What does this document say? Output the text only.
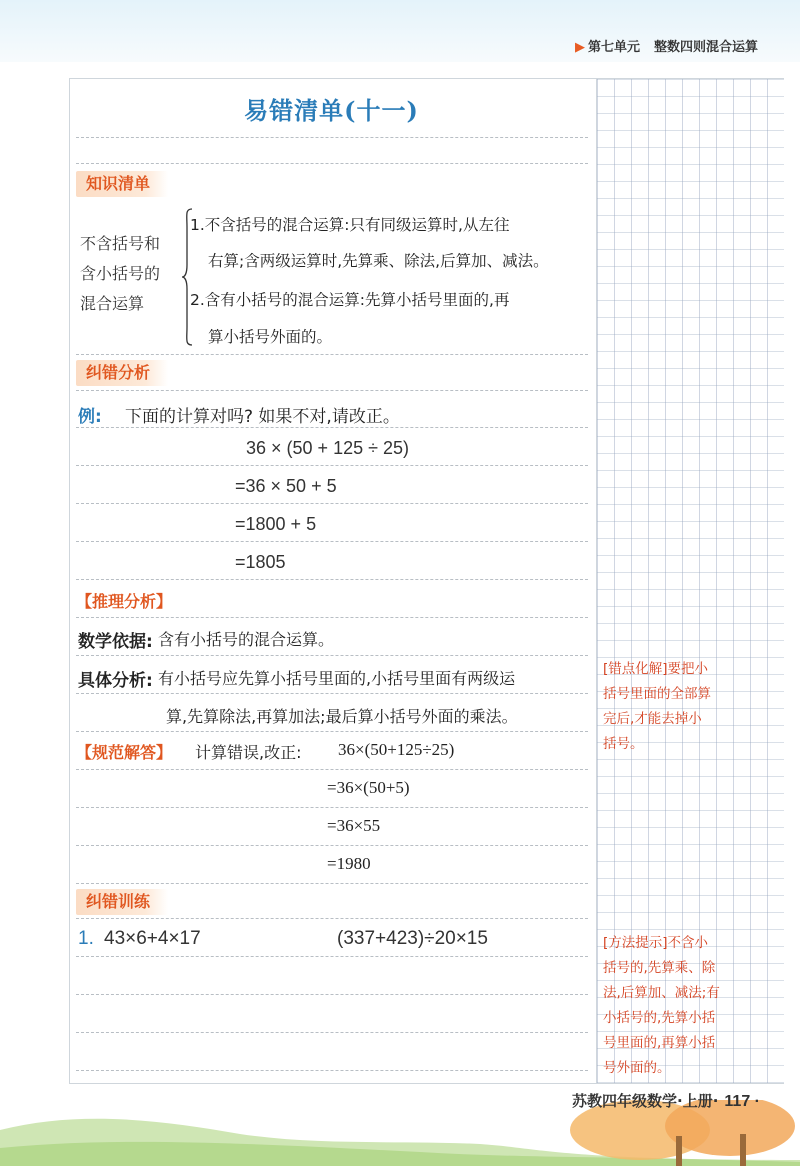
▶ 第七单元 整数四则混合运算
易错清单(十一)
知识清单
不含括号和
含小括号的
混合运算
1.不含括号的混合运算:只有同级运算时,从左往
右算;含两级运算时,先算乘、除法,后算加、减法。
2.含有小括号的混合运算:先算小括号里面的,再
算小括号外面的。
纠错分析
例: 下面的计算对吗? 如果不对,请改正。
36 × (50 + 125 ÷ 25)
=36 × 50 + 5
=1800 + 5
=1805
【推理分析】
数学依据: 含有小括号的混合运算。
具体分析: 有小括号应先算小括号里面的,小括号里面有两级运
算,先算除法,再算加法;最后算小括号外面的乘法。
【规范解答】 计算错误,改正: 36×(50+125÷25)
=36×(50+5)
=36×55
=1980
纠错训练
1. 43×6+4×17	(337+423)÷20×15
[错点化解]要把小
括号里面的全部算
完后,才能去掉小
括号。
[方法提示]不含小
括号的,先算乘、除
法,后算加、减法;有
小括号的,先算小括
号里面的,再算小括
号外面的。
苏教四年级数学·上册· 117 ·
